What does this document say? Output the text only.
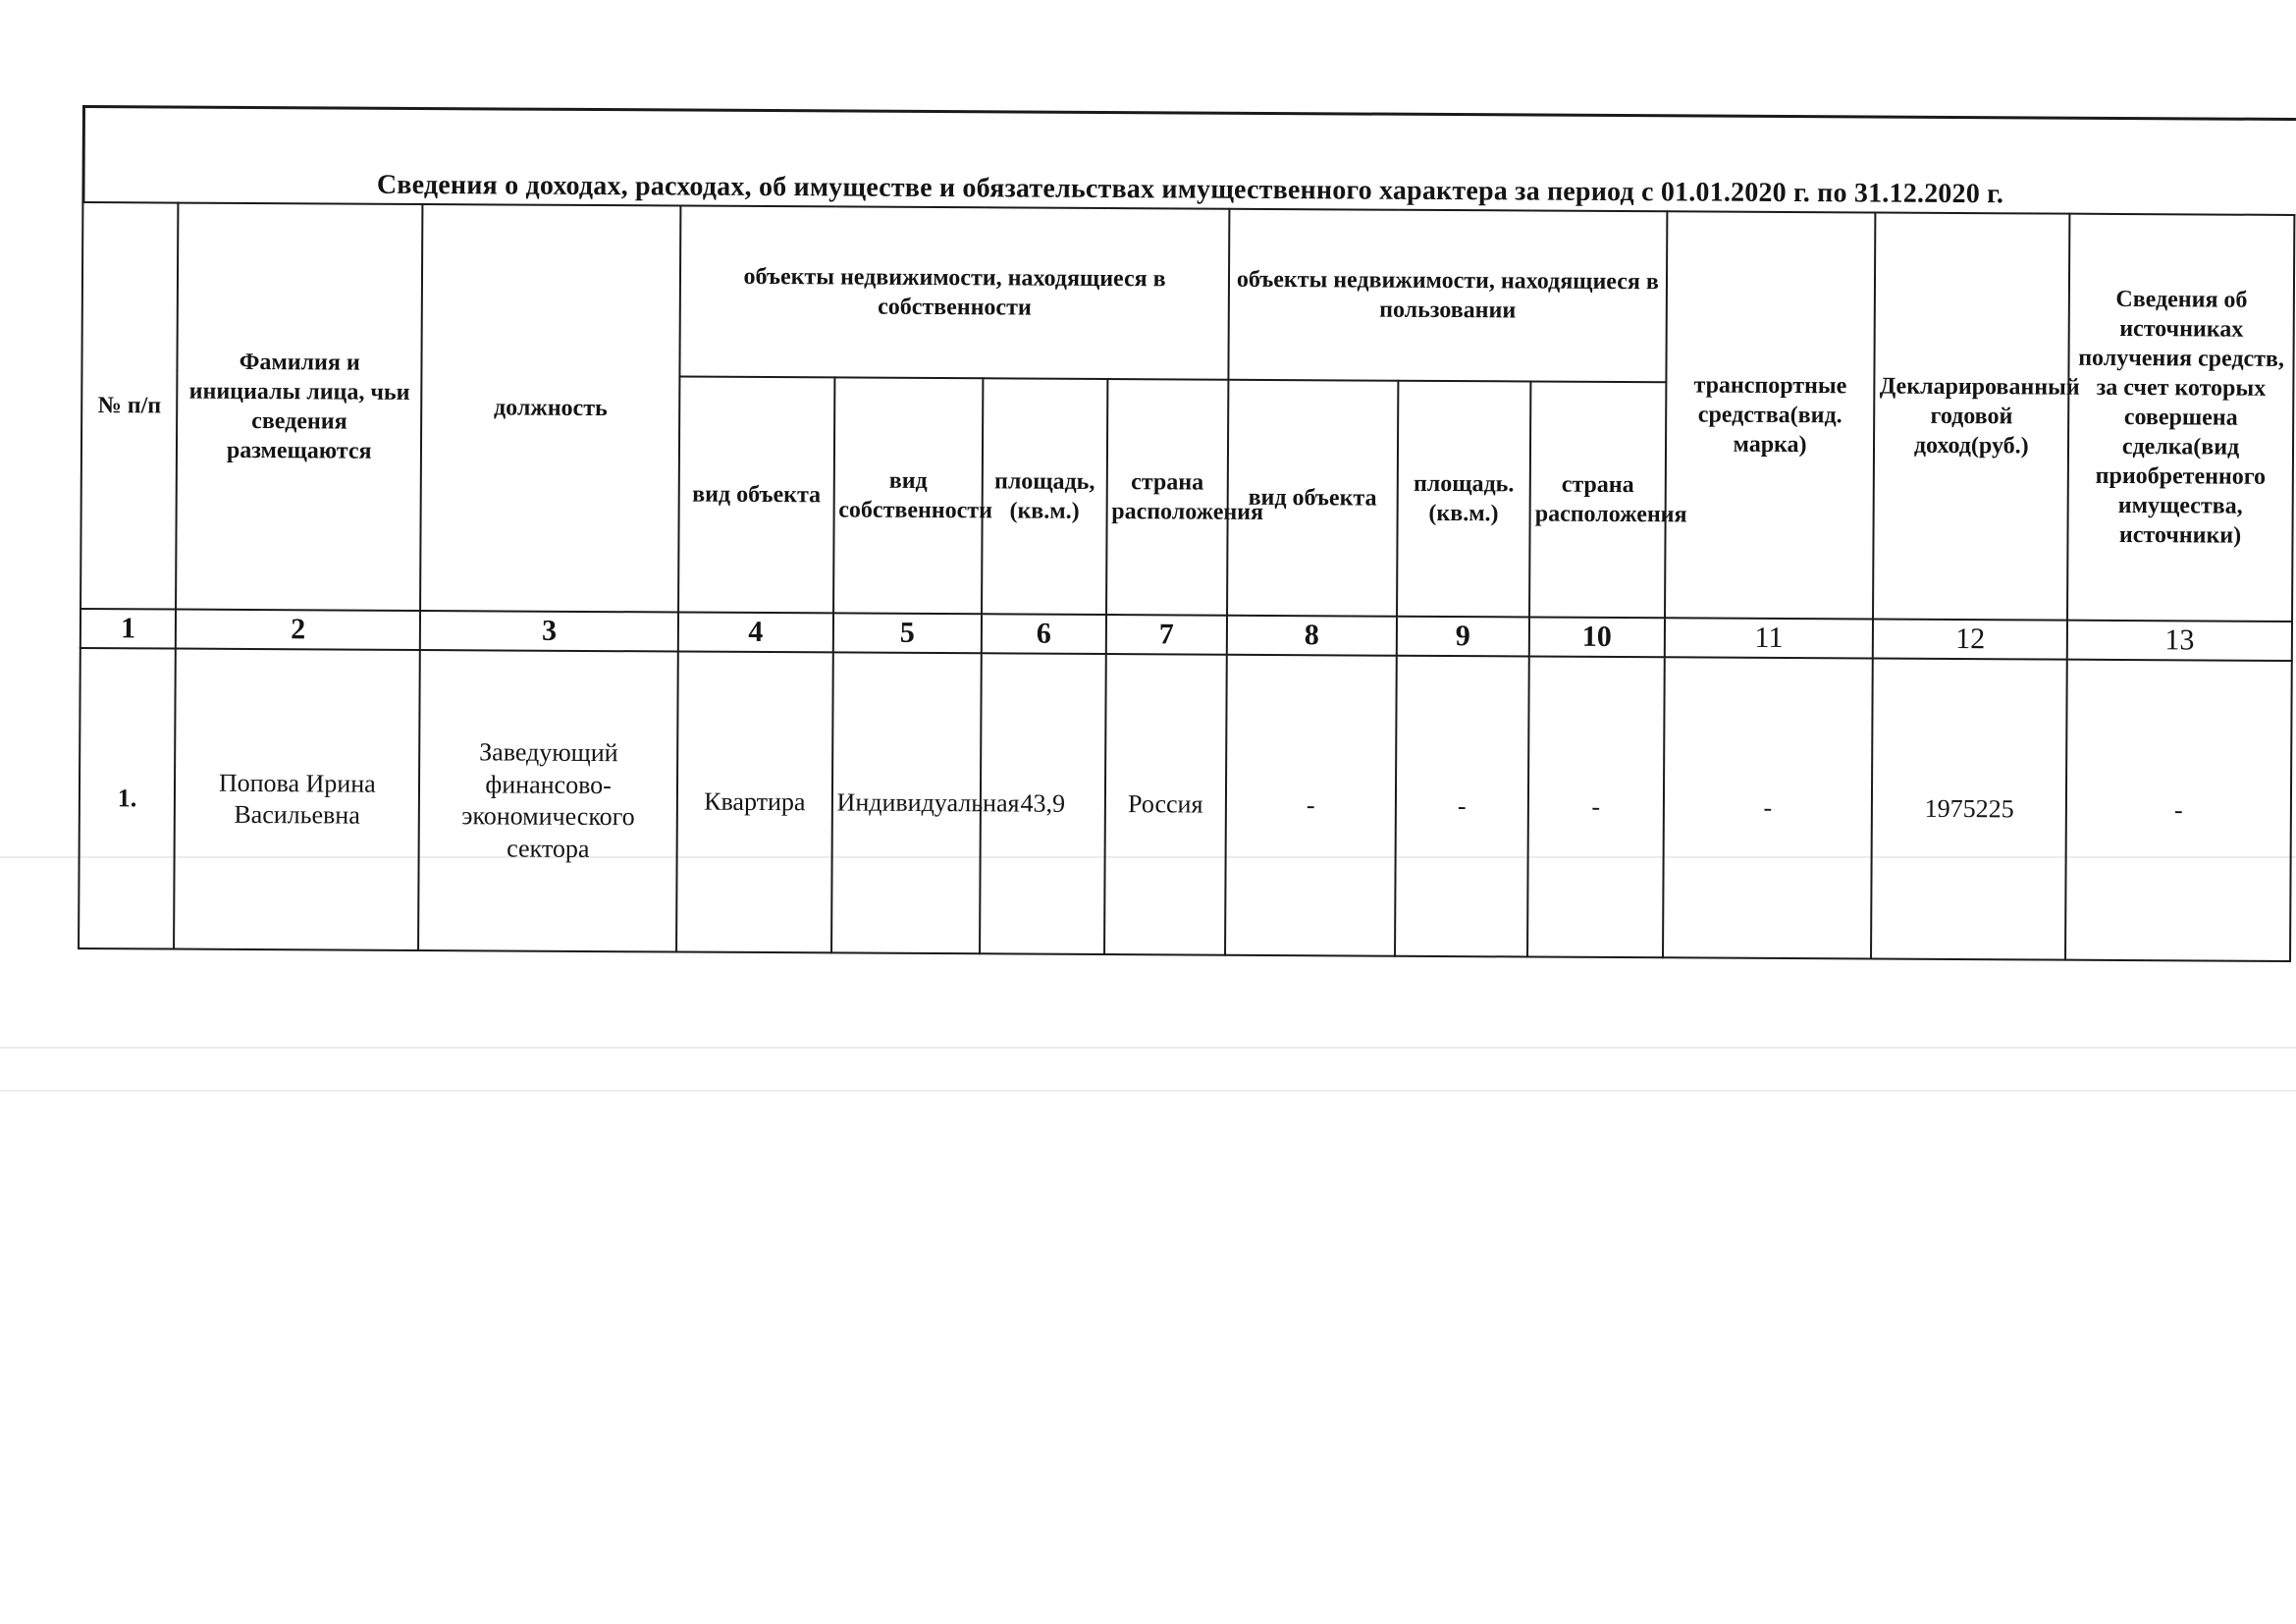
Сведения о доходах, расходах, об имуществе и обязательствах имущественного характера за период с 01.01.2020 г. по 31.12.2020 г.
№ п/п	Фамилия и инициалы лица, чьи сведения размещаются	должность	объекты недвижимости, находящиеся в собственности				объекты недвижимости, находящиеся в пользовании			транспортные средства(вид. марка)	Декларированный годовой доход(руб.)	Сведения об источниках получения средств, за счет которых совершена сделка(вид приобретенного имущества, источники)
			вид объекта	вид собственности	площадь, (кв.м.)	страна расположения	вид объекта	площадь. (кв.м.)	страна расположения			
1	2	3	4	5	6	7	8	9	10	11	12	13
1.	Попова Ирина Васильевна	Заведующий финансово-экономического сектора	Квартира	Индивидуальная	43,9	Россия	-	-	-	-	1975225	-
